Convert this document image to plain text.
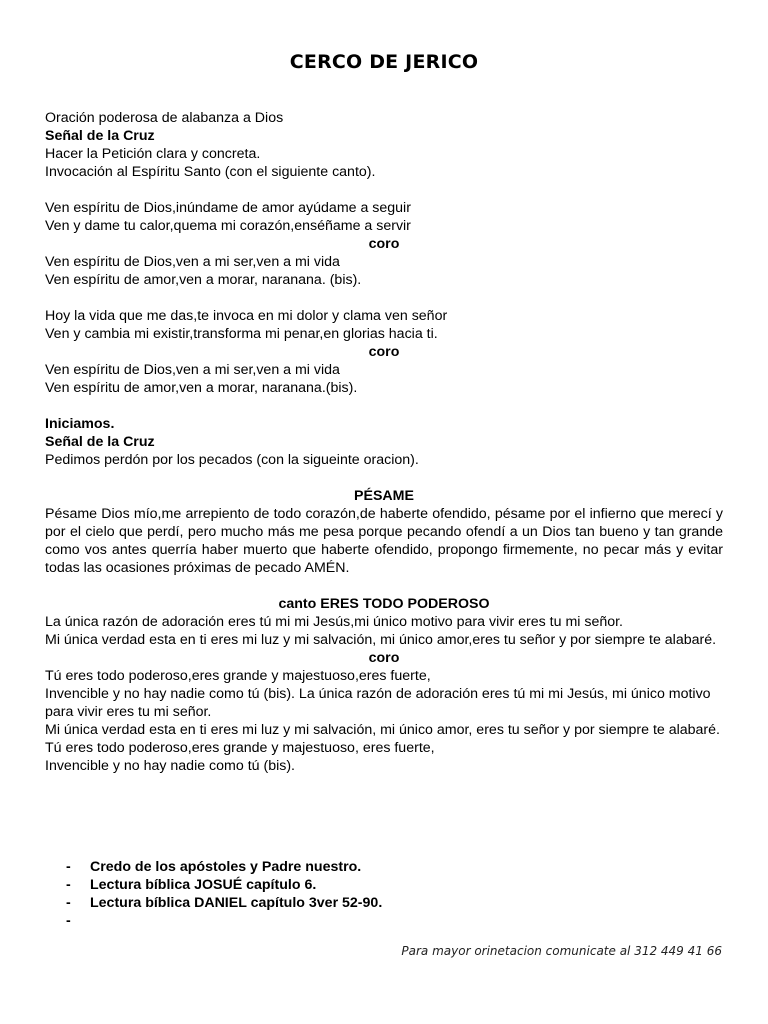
CERCO DE JERICO

Oración poderosa de alabanza a Dios

Señal de la Cruz

Hacer la Petición clara y concreta.

Invocación al Espíritu Santo (con el siguiente canto).

Ven espíritu de Dios,inúndame de amor ayúdame a seguir

Ven y dame tu calor,quema mi corazón,enséñame a servir

coro

Ven espíritu de Dios,ven a mi ser,ven a mi vida

Ven espíritu de amor,ven a morar, naranana. (bis).

Hoy la vida que me das,te invoca en mi dolor y clama ven señor

Ven y cambia mi existir,transforma mi penar,en glorias hacia ti.

coro

Ven espíritu de Dios,ven a mi ser,ven a mi vida

Ven espíritu de amor,ven a morar, naranana.(bis).

Iniciamos.

Señal de la Cruz

Pedimos perdón por los pecados (con la sigueinte oracion).

PÉSAME

Pésame Dios mío,me arrepiento de todo corazón,de haberte ofendido, pésame por el infierno que merecí y por el cielo que perdí, pero mucho más me pesa porque pecando ofendí a un Dios tan bueno y tan grande como vos antes querría haber muerto que haberte ofendido, propongo firmemente, no pecar más y evitar todas las ocasiones próximas de pecado AMÉN.

canto ERES TODO PODEROSO

La única razón de adoración eres tú mi mi Jesús,mi único motivo para vivir eres tu mi señor.

Mi única verdad esta en ti eres mi luz y mi salvación, mi único amor,eres tu señor y por siempre te alabaré.

coro

Tú eres todo poderoso,eres grande y majestuoso,eres fuerte,

Invencible y no hay nadie como tú (bis). La única razón de adoración eres tú mi mi Jesús, mi único motivo para vivir eres tu mi señor.

Mi única verdad esta en ti eres mi luz y mi salvación, mi único amor, eres tu señor y por siempre te alabaré.

Tú eres todo poderoso,eres grande y majestuoso, eres fuerte,

Invencible y no hay nadie como tú (bis).

- Credo de los apóstoles y Padre nuestro.
- Lectura bíblica JOSUÉ capítulo 6.
- Lectura bíblica DANIEL capítulo 3ver 52-90.
-

Para mayor orinetacion comunicate al 312 449 41 66
